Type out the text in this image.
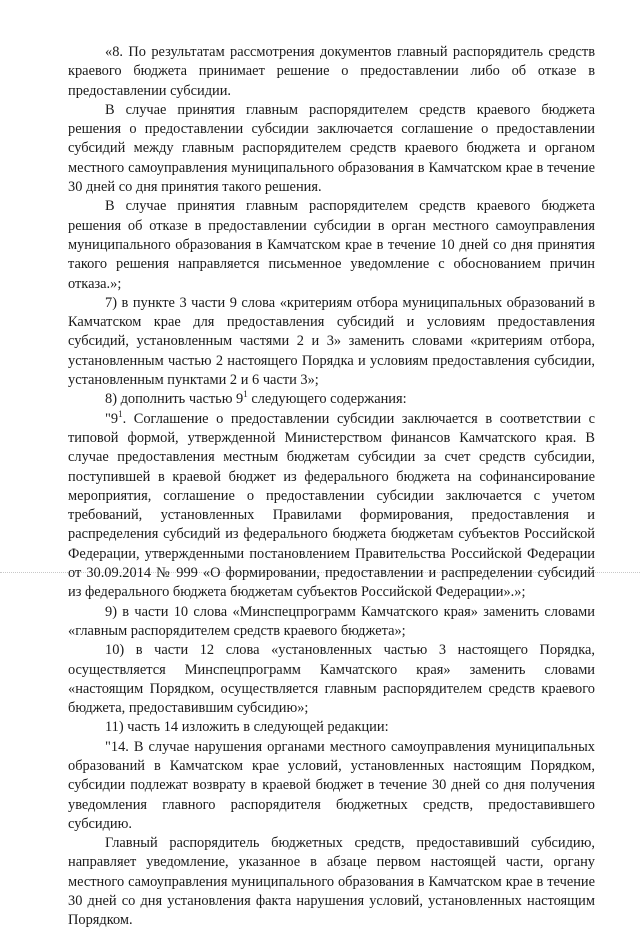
«8. По результатам рассмотрения документов главный распорядитель средств краевого бюджета принимает решение о предоставлении либо об отказе в предоставлении субсидии.

В случае принятия главным распорядителем средств краевого бюджета решения о предоставлении субсидии заключается соглашение о предоставлении субсидий между главным распорядителем средств краевого бюджета и органом местного самоуправления муниципального образования в Камчатском крае в течение 30 дней со дня принятия такого решения.

В случае принятия главным распорядителем средств краевого бюджета решения об отказе в предоставлении субсидии в орган местного самоуправления муниципального образования в Камчатском крае в течение 10 дней со дня принятия такого решения направляется письменное уведомление с обоснованием причин отказа.»;

7) в пункте 3 части 9 слова «критериям отбора муниципальных образований в Камчатском крае для предоставления субсидий и условиям предоставления субсидий, установленным частями 2 и 3» заменить словами «критериям отбора, установленным частью 2 настоящего Порядка и условиям предоставления субсидии, установленным пунктами 2 и 6 части 3»;

8) дополнить частью $9^1$ следующего содержания:

"$9^1$. Соглашение о предоставлении субсидии заключается в соответствии с типовой формой, утвержденной Министерством финансов Камчатского края. В случае предоставления местным бюджетам субсидии за счет средств субсидии, поступившей в краевой бюджет из федерального бюджета на софинансирование мероприятия, соглашение о предоставлении субсидии заключается с учетом требований, установленных Правилами формирования, предоставления и распределения субсидий из федерального бюджета бюджетам субъектов Российской Федерации, утвержденными постановлением Правительства Российской Федерации от 30.09.2014 № 999 «О формировании, предоставлении и распределении субсидий из федерального бюджета бюджетам субъектов Российской Федерации».»;

9) в части 10 слова «Минспецпрограмм Камчатского края» заменить словами «главным распорядителем средств краевого бюджета»;

10) в части 12 слова «установленных частью 3 настоящего Порядка, осуществляется Минспецпрограмм Камчатского края» заменить словами «настоящим Порядком, осуществляется главным распорядителем средств краевого бюджета, предоставившим субсидию»;

11) часть 14 изложить в следующей редакции:

"14. В случае нарушения органами местного самоуправления муниципальных образований в Камчатском крае условий, установленных настоящим Порядком, субсидии подлежат возврату в краевой бюджет в течение 30 дней со дня получения уведомления главного распорядителя бюджетных средств, предоставившего субсидию.

Главный распорядитель бюджетных средств, предоставивший субсидию, направляет уведомление, указанное в абзаце первом настоящей части, органу местного самоуправления муниципального образования в Камчатском крае в течение 30 дней со дня установления факта нарушения условий, установленных настоящим Порядком.
